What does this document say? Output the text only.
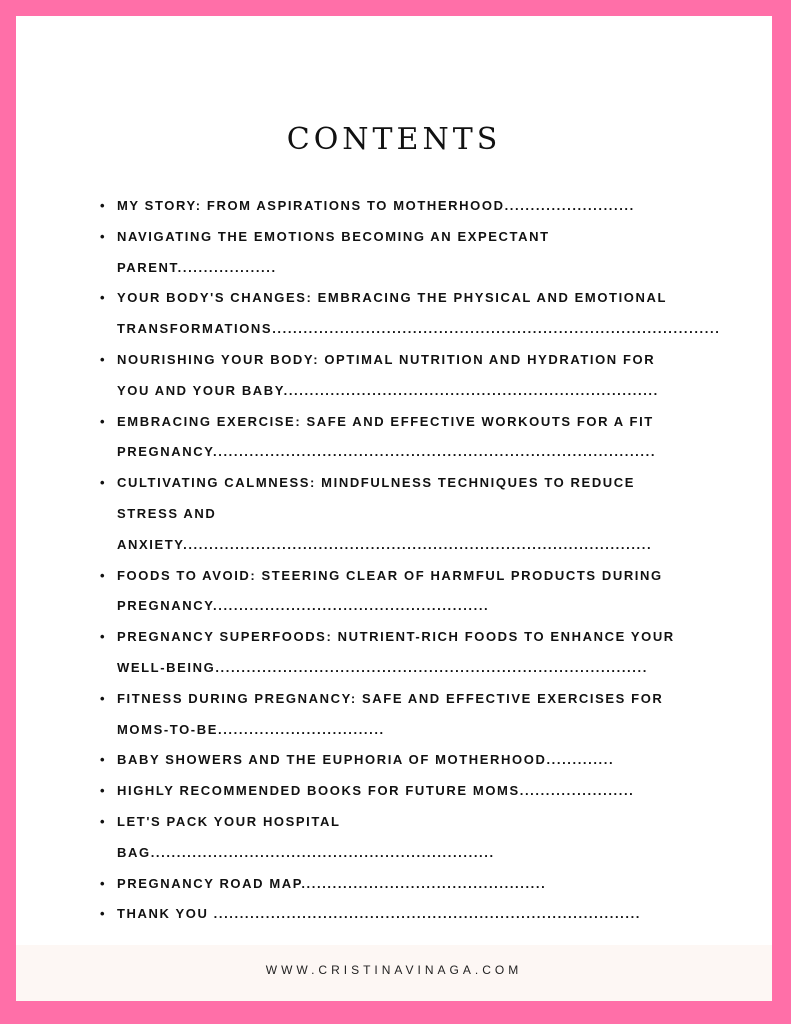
CONTENTS
• MY STORY: FROM ASPIRATIONS TO MOTHERHOOD.........................
• NAVIGATING THE EMOTIONS BECOMING AN EXPECTANT
PARENT...................
• YOUR BODY'S CHANGES: EMBRACING THE PHYSICAL AND EMOTIONAL
TRANSFORMATIONS......................................................................................
• NOURISHING YOUR BODY: OPTIMAL NUTRITION AND HYDRATION FOR
YOU AND YOUR BABY........................................................................
• EMBRACING EXERCISE: SAFE AND EFFECTIVE WORKOUTS FOR A FIT
PREGNANCY.....................................................................................
• CULTIVATING CALMNESS: MINDFULNESS TECHNIQUES TO REDUCE
STRESS AND
ANXIETY..........................................................................................
• FOODS TO AVOID: STEERING CLEAR OF HARMFUL PRODUCTS DURING
PREGNANCY.....................................................
• PREGNANCY SUPERFOODS: NUTRIENT-RICH FOODS TO ENHANCE YOUR
WELL-BEING...................................................................................
• FITNESS DURING PREGNANCY: SAFE AND EFFECTIVE EXERCISES FOR
MOMS-TO-BE................................
• BABY SHOWERS AND THE EUPHORIA OF MOTHERHOOD.............
• HIGHLY RECOMMENDED BOOKS FOR FUTURE MOMS......................
• LET'S PACK YOUR HOSPITAL
BAG..................................................................
• PREGNANCY ROAD MAP...............................................
• THANK YOU ..................................................................................
WWW.CRISTINAVINAGA.COM
